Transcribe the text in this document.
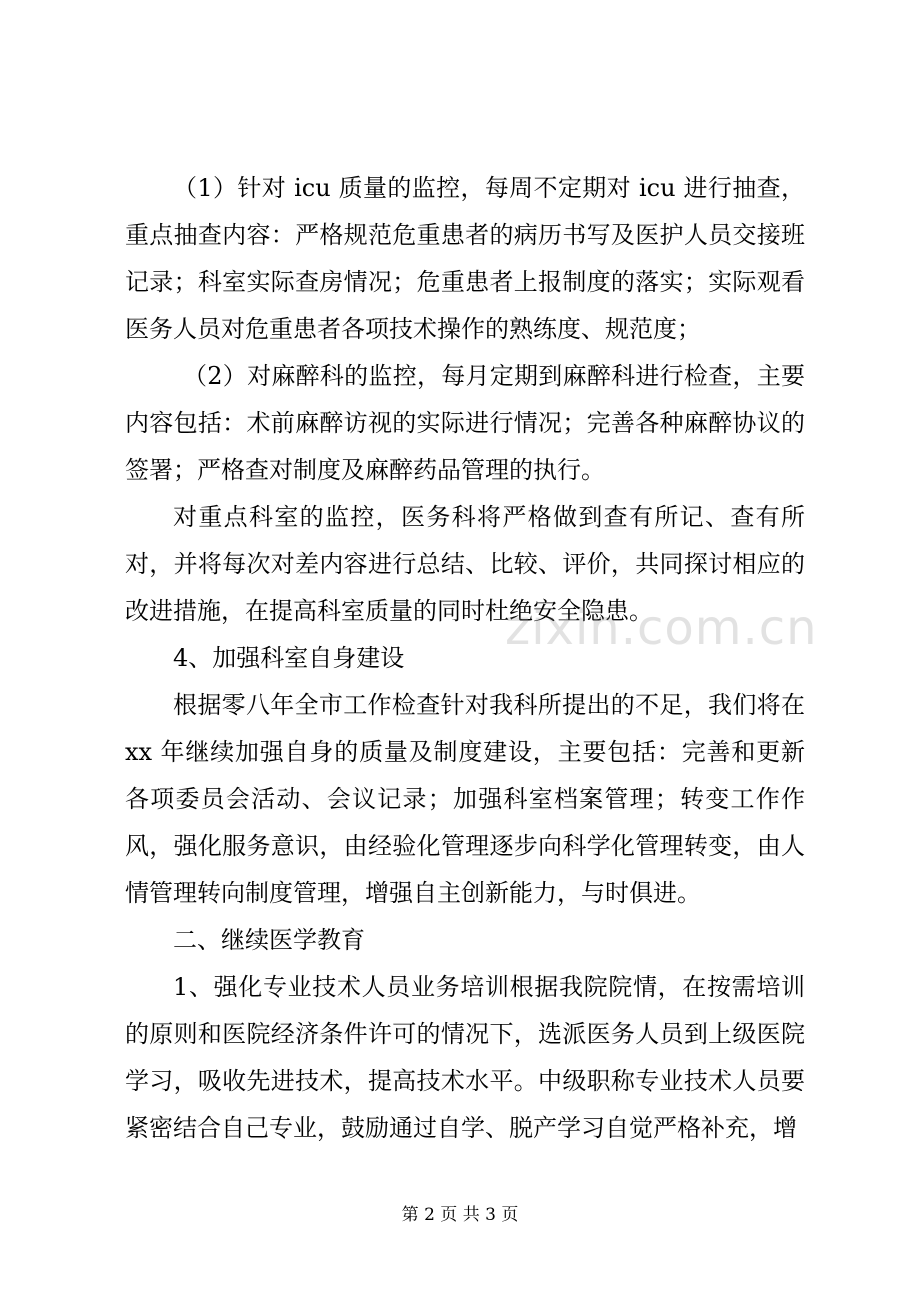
（1）针对 icu 质量的监控，每周不定期对 icu 进行抽查，重点抽查内容：严格规范危重患者的病历书写及医护人员交接班记录；科室实际查房情况；危重患者上报制度的落实；实际观看医务人员对危重患者各项技术操作的熟练度、规范度；

（2）对麻醉科的监控，每月定期到麻醉科进行检查，主要内容包括：术前麻醉访视的实际进行情况；完善各种麻醉协议的签署；严格查对制度及麻醉药品管理的执行。

对重点科室的监控，医务科将严格做到查有所记、查有所对，并将每次对差内容进行总结、比较、评价，共同探讨相应的改进措施，在提高科室质量的同时杜绝安全隐患。

4、加强科室自身建设

根据零八年全市工作检查针对我科所提出的不足，我们将在 xx 年继续加强自身的质量及制度建设，主要包括：完善和更新各项委员会活动、会议记录；加强科室档案管理；转变工作作风，强化服务意识，由经验化管理逐步向科学化管理转变，由人情管理转向制度管理，增强自主创新能力，与时俱进。

二、继续医学教育

1、强化专业技术人员业务培训根据我院院情，在按需培训的原则和医院经济条件许可的情况下，选派医务人员到上级医院学习，吸收先进技术，提高技术水平。中级职称专业技术人员要紧密结合自己专业，鼓励通过自学、脱产学习自觉严格补充，增

zixin.com.cn
第 2 页 共 3 页
